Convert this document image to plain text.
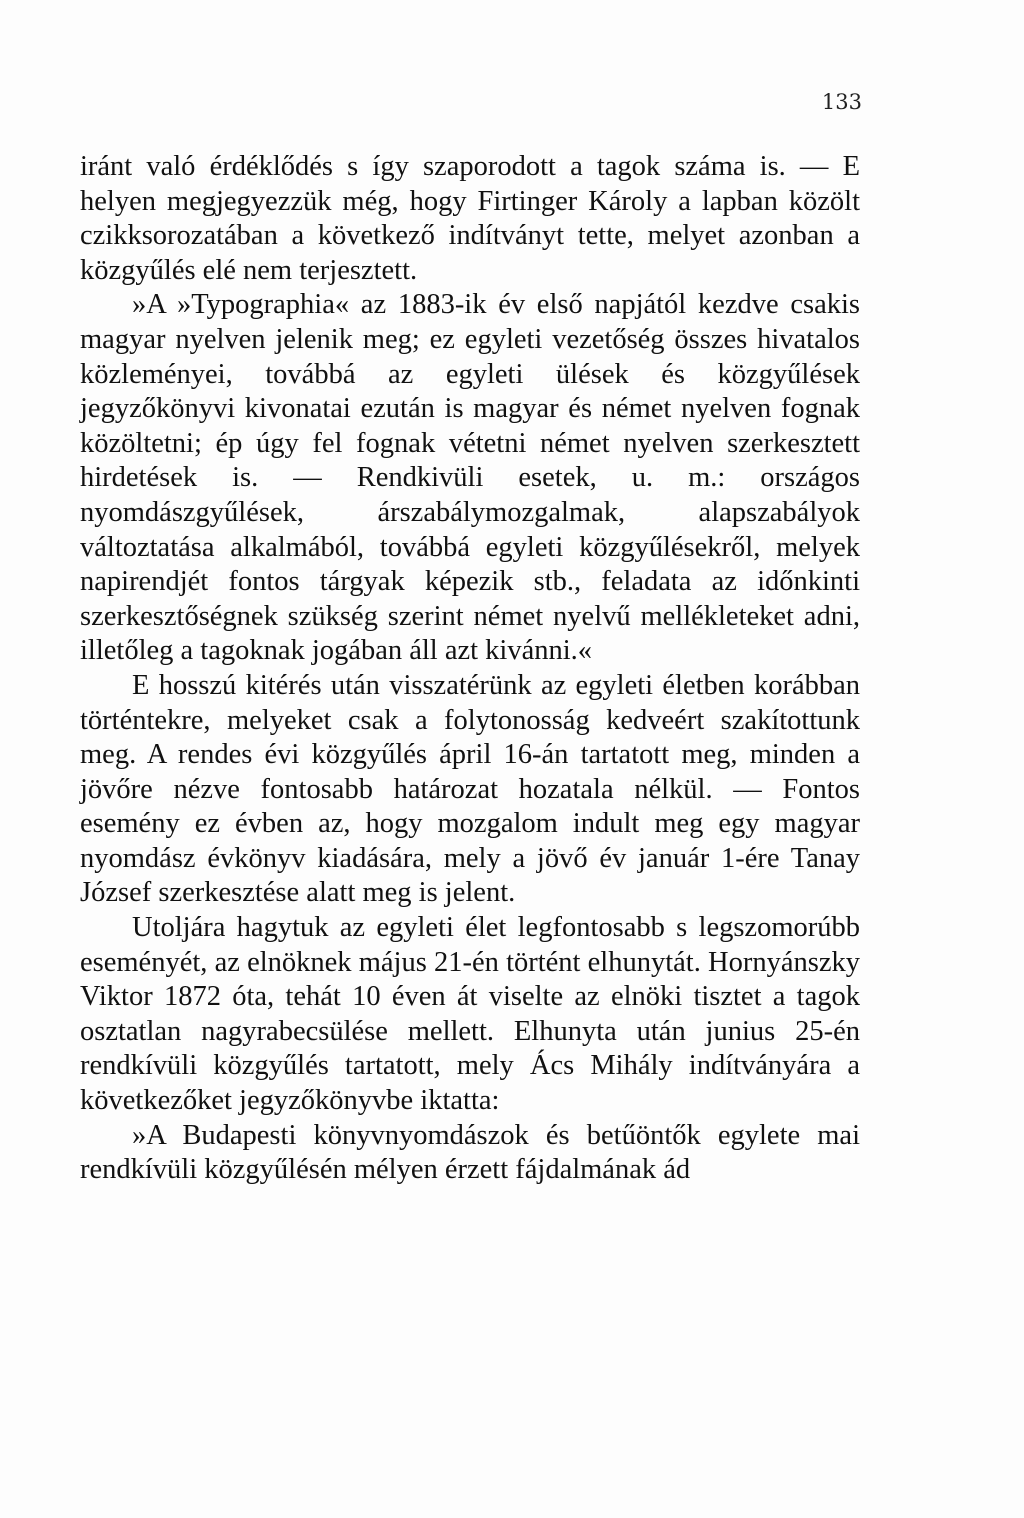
133

iránt való érdéklődés s így szaporodott a tagok száma is. — E helyen megjegyezzük még, hogy Firtinger Károly a lapban közölt czikksorozatában a következő indítványt tette, melyet azonban a közgyűlés elé nem terjesztett.

»A »Typographia« az 1883-ik év első napjától kezdve csakis magyar nyelven jelenik meg; ez egyleti vezetőség összes hivatalos közleményei, továbbá az egyleti ülések és közgyűlések jegyzőkönyvi kivonatai ezután is magyar és német nyelven fognak közöltetni; ép úgy fel fognak vétetni német nyelven szerkesztett hirdetések is. — Rendkivüli esetek, u. m.: országos nyomdászgyűlések, árszabálymozgalmak, alapszabályok változtatása alkalmából, továbbá egyleti közgyűlésekről, melyek napirendjét fontos tárgyak képezik stb., feladata az időnkinti szerkesztőségnek szükség szerint német nyelvű mellékleteket adni, illetőleg a tagoknak jogában áll azt kivánni.«

E hosszú kitérés után visszatérünk az egyleti életben korábban történtekre, melyeket csak a folytonosság kedveért szakítottunk meg. A rendes évi közgyűlés ápril 16-án tartatott meg, minden a jövőre nézve fontosabb határozat hozatala nélkül. — Fontos esemény ez évben az, hogy mozgalom indult meg egy magyar nyomdász évkönyv kiadására, mely a jövő év január 1-ére Tanay József szerkesztése alatt meg is jelent.

Utoljára hagytuk az egyleti élet legfontosabb s legszomorúbb eseményét, az elnöknek május 21-én történt elhunytát. Hornyánszky Viktor 1872 óta, tehát 10 éven át viselte az elnöki tisztet a tagok osztatlan nagyrabecsülése mellett. Elhunyta után junius 25-én rendkívüli közgyűlés tartatott, mely Ács Mihály indítványára a következőket jegyzőkönyvbe iktatta:

»A Budapesti könyvnyomdászok és betűöntők egylete mai rendkívüli közgyűlésén mélyen érzett fájdalmának ád
